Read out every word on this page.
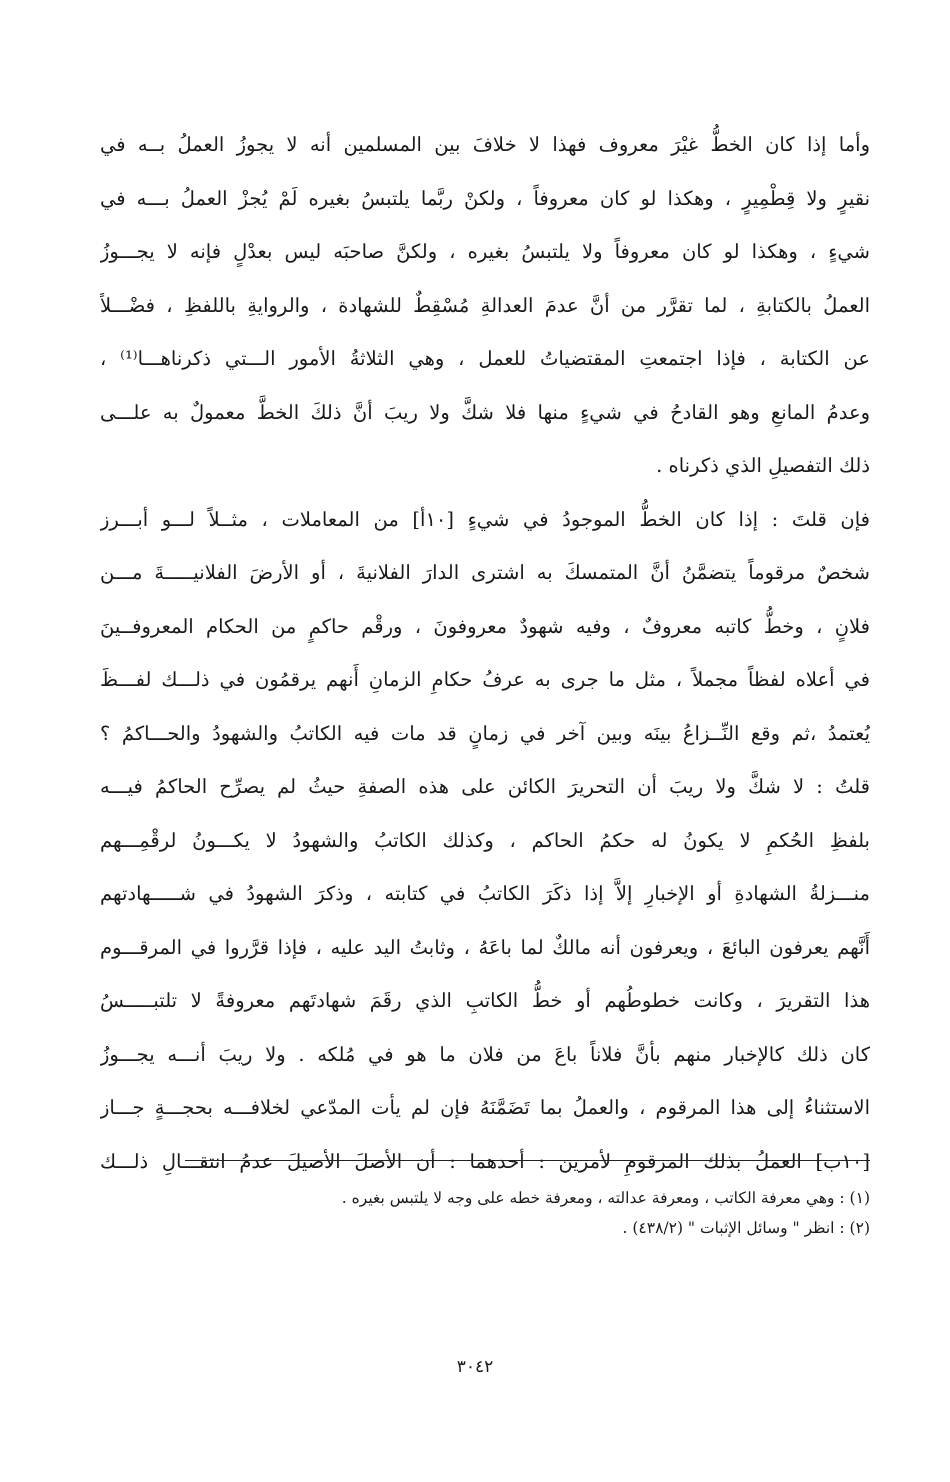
وأما إذا كان الخطُّ غيْرَ معروف فهذا لا خلافَ بين المسلمين أنه لا يجوزُ العملُ بــه في
نقيرٍ ولا قِطْمِيرٍ ، وهكذا لو كان معروفاً ، ولكنْ ربَّما يلتبسُ بغيره لَمْ يُجزْ العملُ بـــه في
شيءٍ ، وهكذا لو كان معروفاً ولا يلتبسُ بغيره ، ولكنَّ صاحبَه ليس بعدْلٍ فإنه لا يجـــوزُ
العملُ بالكتابةِ ، لما تقرَّر من أنَّ عدمَ العدالةِ مُسْقِطٌ للشهادة ، والروايةِ باللفظِ ، فضْـــلاً
عن الكتابة ، فإذا اجتمعتِ المقتضياتُ للعمل ، وهي الثلاثةُ الأمور الـــتي ذكرناهـــا⁽¹⁾ ،
وعدمُ المانعِ وهو القادحُ في شيءٍ منها فلا شكَّ ولا ريبَ أنَّ ذلكَ الخطَّ معمولٌ به علـــى
ذلك التفصيلِ الذي ذكرناه .
فإن قلتَ : إذا كان الخطُّ الموجودُ في شيءٍ [١٠أ] من المعاملات ، مثــلاً لـــو أبـــرز
شخصٌ مرقوماً يتضمَّنُ أنَّ المتمسكَ به اشترى الدارَ الفلانيةَ ، أو الأرضَ الفلانيـــــةَ مـــن
فلانٍ ، وخطُّ كاتبه معروفٌ ، وفيه شهودٌ معروفونَ ، ورقْم حاكمٍ من الحكام المعروفــينَ
في أعلاه لفظاً مجملاً ، مثل ما جرى به عرفُ حكامِ الزمانِ أَنهم يرقمُون في ذلـــك لفـــظَ
يُعتمدُ ،ثم وقع النِّــزاعُ بينَه وبين آخر في زمانٍ قد مات فيه الكاتبُ والشهودُ والحـــاكمُ ؟
قلتُ : لا شكَّ ولا ريبَ أن التحريرَ الكائن على هذه الصفةِ حيثُ لم يصرِّح الحاكمُ فيـــه
بلفظِ الحُكمِ لا يكونُ له حكمُ الحاكم ، وكذلك الكاتبُ والشهودُ لا يكـــونُ لرقْمِـــهم
منـــزلةُ الشهادةِ أو الإخبارِ إلاَّ إذا ذكَرَ الكاتبُ في كتابته ، وذكرَ الشهودُ في شـــــهادتهم
أَنَّهم يعرفون البائعَ ، ويعرفون أنه مالكٌ لما باعَهُ ، وثابتُ اليد عليه ، فإذا قرَّروا في المرقـــوم
هذا التقريرَ ، وكانت خطوطُهم أو خطُّ الكاتبِ الذي رقَمَ شهادتَهم معروفةً لا تلتبـــــسُ
كان ذلك كالإخبار منهم بأنَّ فلاناً باعَ من فلان ما هو في مُلكه . ولا ريبَ أنـــه يجـــوزُ
الاستثناءُ إلى هذا المرقوم ، والعملُ بما تَضَمَّنَهُ فإن لم يأت المدّعي لخلافـــه بحجـــةٍ جـــاز
[١٠ب] العملُ بذلك المرقومِ لأمرين : أحدهما : أن الأصلَ الأصيلَ عدمُ انتقـــالِ ذلـــك
(١) : وهي معرفة الكاتب ، ومعرفة عدالته ، ومعرفة خطه على وجه لا يلتبس بغيره .
(٢) : انظر " وسائل الإثبات " (٤٣٨/٢) .
٣٠٤٢
